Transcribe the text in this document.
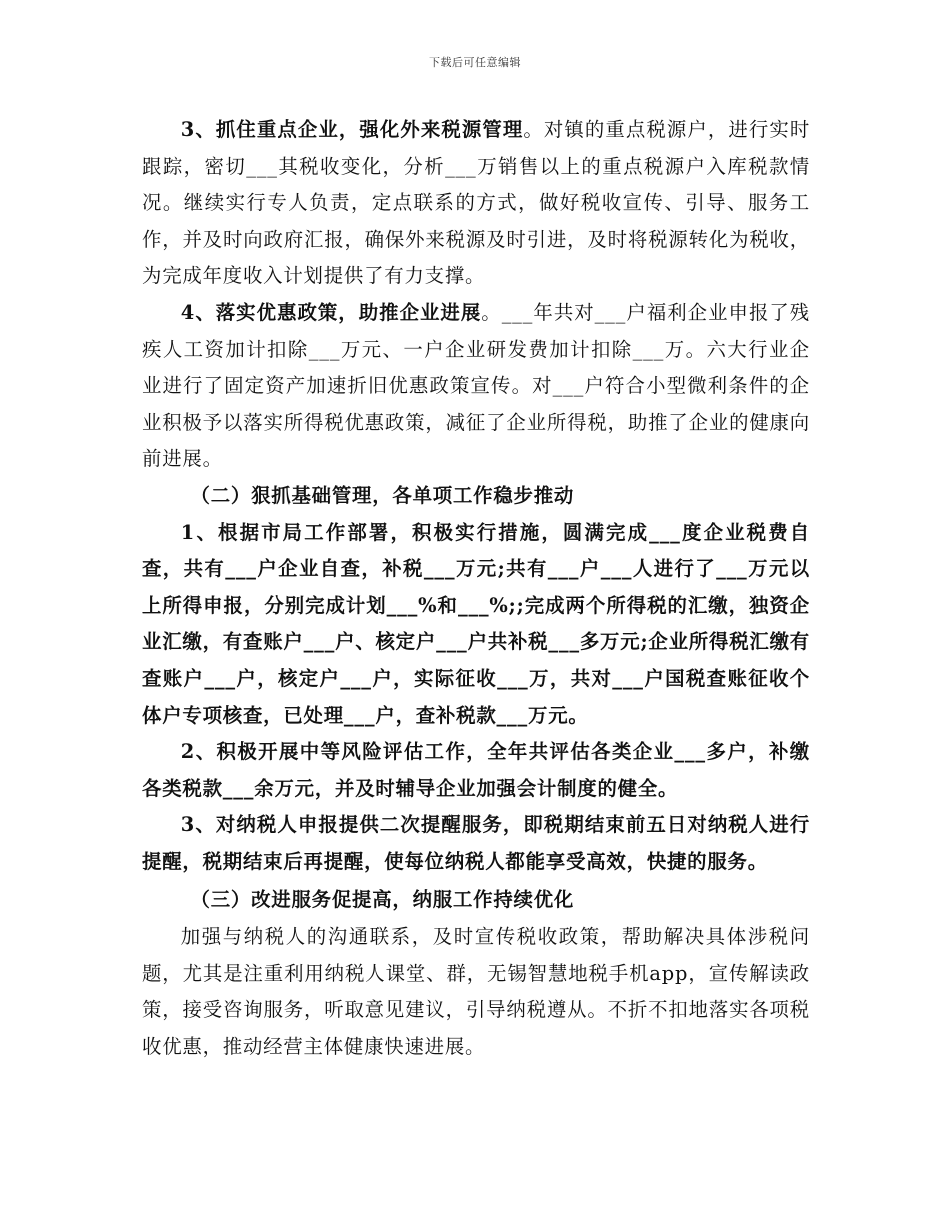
下载后可任意编辑

3、抓住重点企业，强化外来税源管理。对镇的重点税源户，进行实时跟踪，密切___其税收变化，分析___万销售以上的重点税源户入库税款情况。继续实行专人负责，定点联系的方式，做好税收宣传、引导、服务工作，并及时向政府汇报，确保外来税源及时引进，及时将税源转化为税收，为完成年度收入计划提供了有力支撑。

4、落实优惠政策，助推企业进展。___年共对___户福利企业申报了残疾人工资加计扣除___万元、一户企业研发费加计扣除___万。六大行业企业进行了固定资产加速折旧优惠政策宣传。对___户符合小型微利条件的企业积极予以落实所得税优惠政策，减征了企业所得税，助推了企业的健康向前进展。

（二）狠抓基础管理，各单项工作稳步推动

1、根据市局工作部署，积极实行措施，圆满完成___度企业税费自查，共有___户企业自查，补税___万元;共有___户___人进行了___万元以上所得申报，分别完成计划___%和___%;;完成两个所得税的汇缴，独资企业汇缴，有查账户___户、核定户___户共补税___多万元;企业所得税汇缴有查账户___户，核定户___户，实际征收___万，共对___户国税查账征收个体户专项核查，已处理___户，查补税款___万元。

2、积极开展中等风险评估工作，全年共评估各类企业___多户，补缴各类税款___余万元，并及时辅导企业加强会计制度的健全。

3、对纳税人申报提供二次提醒服务，即税期结束前五日对纳税人进行提醒，税期结束后再提醒，使每位纳税人都能享受高效，快捷的服务。

（三）改进服务促提高，纳服工作持续优化

加强与纳税人的沟通联系，及时宣传税收政策，帮助解决具体涉税问题，尤其是注重利用纳税人课堂、群，无锡智慧地税手机app，宣传解读政策，接受咨询服务，听取意见建议，引导纳税遵从。不折不扣地落实各项税收优惠，推动经营主体健康快速进展。
